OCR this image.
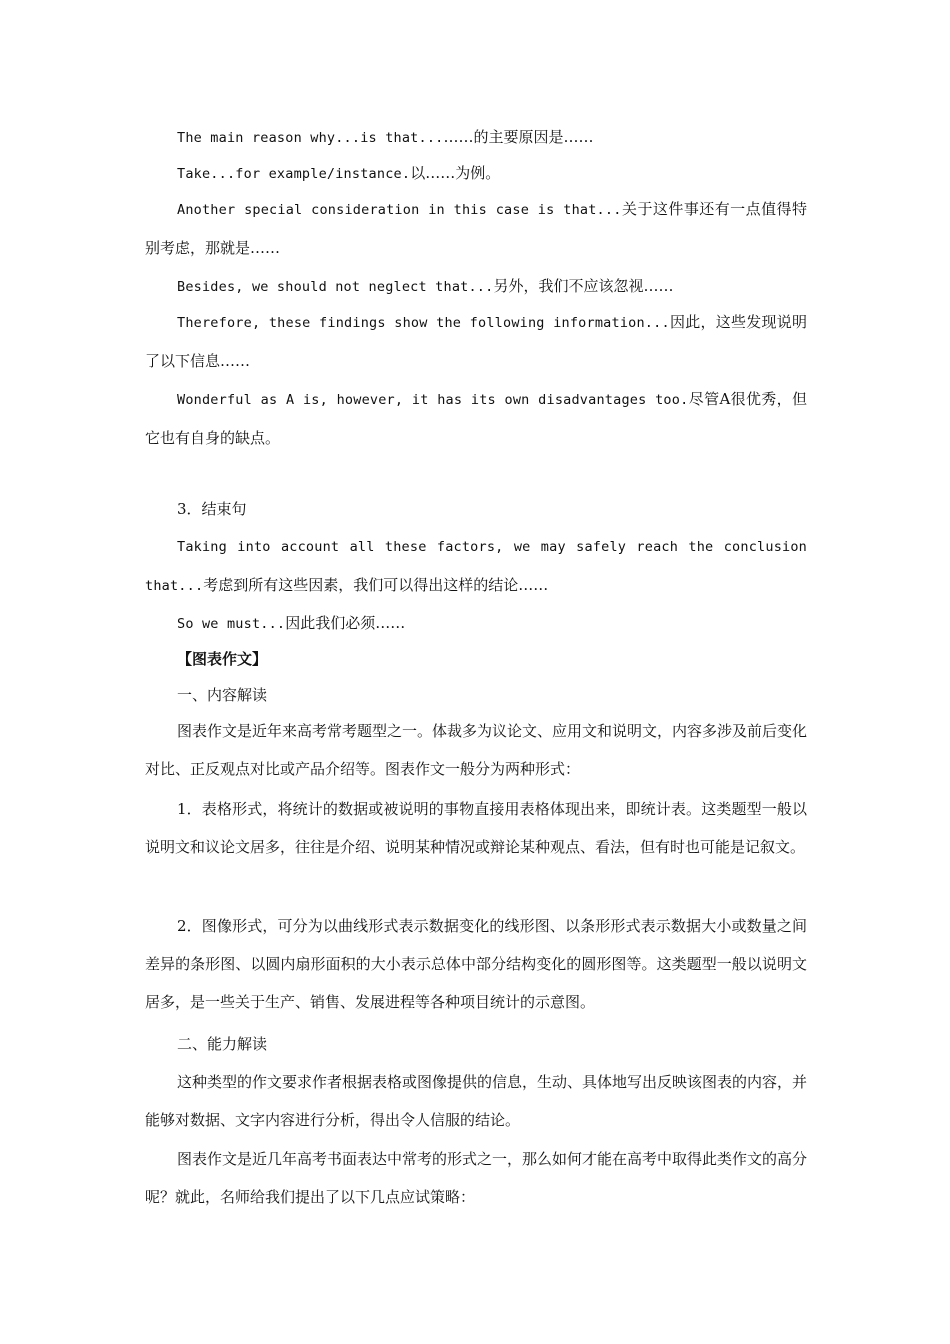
The main reason why...is that...……的主要原因是……

Take...for example/instance.以……为例。

Another special consideration in this case is that...关于这件事还有一点值得特别考虑，那就是……

Besides, we should not neglect that...另外，我们不应该忽视……

Therefore, these findings show the following information...因此，这些发现说明了以下信息……

Wonderful as A is, however, it has its own disadvantages too.尽管A很优秀，但它也有自身的缺点。

3．结束句

Taking into account all these factors, we may safely reach the conclusion that...考虑到所有这些因素，我们可以得出这样的结论……

So we must...因此我们必须……

【图表作文】

一、内容解读

图表作文是近年来高考常考题型之一。体裁多为议论文、应用文和说明文，内容多涉及前后变化对比、正反观点对比或产品介绍等。图表作文一般分为两种形式：

1．表格形式，将统计的数据或被说明的事物直接用表格体现出来，即统计表。这类题型一般以说明文和议论文居多，往往是介绍、说明某种情况或辩论某种观点、看法，但有时也可能是记叙文。

2．图像形式，可分为以曲线形式表示数据变化的线形图、以条形形式表示数据大小或数量之间差异的条形图、以圆内扇形面积的大小表示总体中部分结构变化的圆形图等。这类题型一般以说明文居多，是一些关于生产、销售、发展进程等各种项目统计的示意图。

二、能力解读

这种类型的作文要求作者根据表格或图像提供的信息，生动、具体地写出反映该图表的内容，并能够对数据、文字内容进行分析，得出令人信服的结论。

图表作文是近几年高考书面表达中常考的形式之一，那么如何才能在高考中取得此类作文的高分呢？就此，名师给我们提出了以下几点应试策略：
